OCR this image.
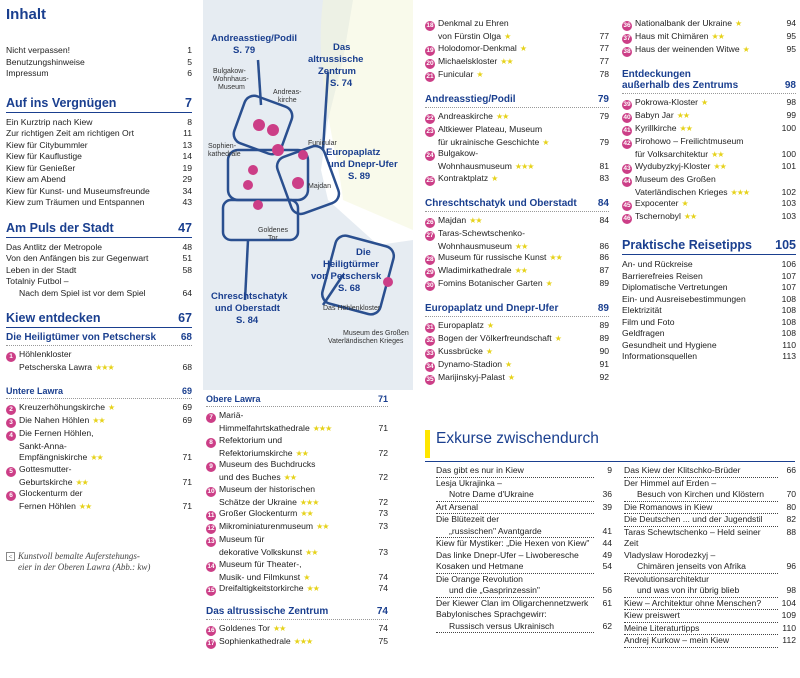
Inhalt
Nicht verpassen!	1
Benutzungshinweise	5
Impressum	6
Auf ins Vergnügen	7
Ein Kurztrip nach Kiew	8
Zur richtigen Zeit am richtigen Ort	11
Kiew für Citybummler	13
Kiew für Kauflustige	14
Kiew für Genießer	19
Kiew am Abend	29
Kiew für Kunst- und Museumsfreunde	34
Kiew zum Träumen und Entspannen	43
Am Puls der Stadt	47
Das Antlitz der Metropole	48
Von den Anfängen bis zur Gegenwart	51
Leben in der Stadt	58
Totalniy Futbol –
Nach dem Spiel ist vor dem Spiel	64
Kiew entdecken	67
Die Heiligtümer von Petschersk 68
1 Höhlenkloster
Petscherska Lawra ★★★	68
Untere Lawra	69
2 Kreuzerhöhungskirche ★	69
3 Die Nahen Höhlen ★★	69
4 Die Fernen Höhlen,
Sankt-Anna-
Empfängniskirche ★★	71
5 Gottesmutter-
Geburtskirche ★★	71
6 Glockenturm der
Fernen Höhlen ★★	71
< Kunstvoll bemalte Auferstehungs-
eier in der Oberen Lawra (Abb.: kw)
Andreasstieg/Podil
S. 79	Das
altrussische
Zentrum
S. 74
Europaplatz
und Dnepr-Ufer
S. 89
Die
Heiligtürmer
von Petschersk
S. 68
Chreschtschatyk
und Oberstadt
S. 84
Bulgakow-
Wohnhaus-
Museum
Andreas-
kirche
Funicular
Sophien-
kathedrale
Majdan
Goldenes
Tor
Das Höhlenkloster
Museum des Großen
Vaterländischen Krieges
Obere Lawra	71
7 Mariä-
Himmelfahrtskathedrale ★★★	71
8 Refektorium und
Refektoriumskirche ★★	72
9 Museum des Buchdrucks
und des Buches ★★	72
10 Museum der historischen
Schätze der Ukraine ★★★	72
11 Großer Glockenturm ★★	73
12 Mikrominiaturenmuseum ★★	73
13 Museum für
dekorative Volkskunst ★★	73
14 Museum für Theater-,
Musik- und Filmkunst ★	74
15 Dreifaltigkeitstorkirche ★★	74
Das altrussische Zentrum	74
16 Goldenes Tor ★★	74
17 Sophienkathedrale ★★★	75
18 Denkmal zu Ehren
von Fürstin Olga ★	77
19 Holodomor-Denkmal ★	77
20 Michaelskloster ★★	77
21 Funicular ★	78
Andreasstieg/Podil	79
22 Andreaskirche ★★	79
23 Altkiewer Plateau, Museum
für ukrainische Geschichte ★	79
24 Bulgakow-
Wohnhausmuseum ★★★	81
25 Kontraktplatz ★	83
Chreschtschatyk und Oberstadt 84
26 Majdan ★★	84
27 Taras-Schewtschenko-
Wohnhausmuseum ★★	86
28 Museum für russische Kunst ★★	86
29 Wladimirkathedrale ★★	87
30 Fomins Botanischer Garten ★	89
Europaplatz und Dnepr-Ufer	89
31 Europaplatz ★	89
32 Bogen der Völkerfreundschaft ★	89
33 Kussbrücke ★	90
34 Dynamo-Stadion ★	91
35 Marijinskyj-Palast ★	92
36 Nationalbank der Ukraine ★	94
37 Haus mit Chimären ★★	95
38 Haus der weinenden Witwe ★	95
Entdeckungen
außerhalb des Zentrums	98
39 Pokrowa-Kloster ★	98
40 Babyn Jar ★★	99
41 Kyrillkirche ★★	100
42 Pirohowo – Freilichtmuseum
für Volksarchitektur ★★	100
43 Wydubyzkyj-Kloster ★★	101
44 Museum des Großen
Vaterländischen Krieges ★★★	102
45 Expocenter ★	103
46 Tschernobyl ★★	103
Praktische Reisetipps 105
An- und Rückreise	106
Barrierefreies Reisen	107
Diplomatische Vertretungen	107
Ein- und Ausreisebestimmungen	108
Elektrizität	108
Film und Foto	108
Geldfragen	108
Gesundheit und Hygiene	110
Informationsquellen	113
Exkurse zwischendurch
Das gibt es nur in Kiew	9
Lesja Ukrajinka –
Notre Dame d'Ukraine	36
Art Arsenal	39
Die Blütezeit der
„russischen" Avantgarde	41
Kiew für Mystiker: „Die Hexen von Kiew"	44
Das linke Dnepr-Ufer – Liwoberesche	49
Kosaken und Hetmane	54
Die Orange Revolution
und die „Gasprinzessin"	56
Der Kiewer Clan im Oligarchennetzwerk	61
Babylonisches Sprachgewirr:
Russisch versus Ukrainisch	62
Das Kiew der Klitschko-Brüder	66
Der Himmel auf Erden –
Besuch von Kirchen und Klöstern	70
Die Romanows in Kiew	80
Die Deutschen ... und der Jugendstil	82
Taras Schewtschenko – Held seiner Zeit
88
Vladyslaw Horodezkyj –
Chimären jenseits von Afrika	96
Revolutionsarchitektur
und was von ihr übrig blieb	98
Kiew – Architektur ohne Menschen?	104
Kiew preiswert	109
Meine Literaturtipps	110
Andrej Kurkow – mein Kiew	112
